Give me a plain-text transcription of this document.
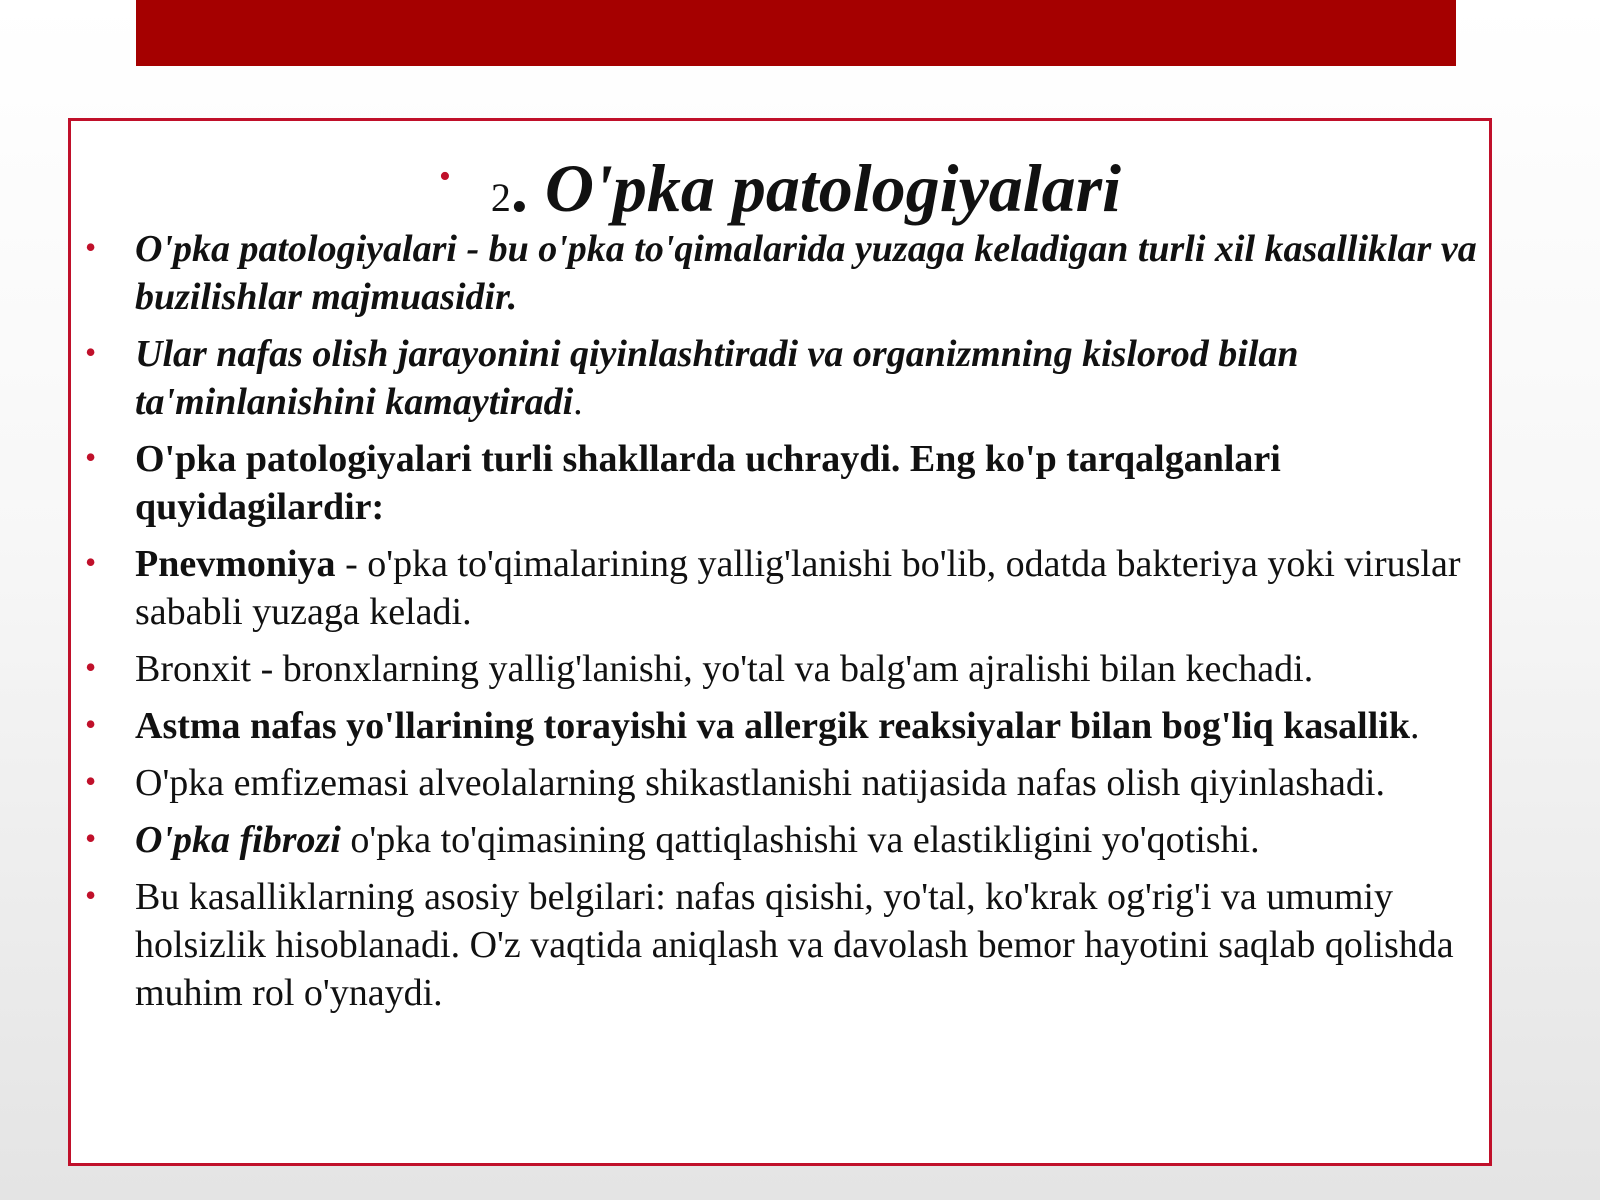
• 2. O'pka patologiyalari
• O'pka patologiyalari - bu o'pka to'qimalarida yuzaga keladigan turli xil kasalliklar va buzilishlar majmuasidir.
• Ular nafas olish jarayonini qiyinlashtiradi va organizmning kislorod bilan ta'minlanishini kamaytiradi.
• O'pka patologiyalari turli shakllarda uchraydi. Eng ko'p tarqalganlari quyidagilardir:
• Pnevmoniya - o'pka to'qimalarining yallig'lanishi bo'lib, odatda bakteriya yoki viruslar sababli yuzaga keladi.
• Bronxit - bronxlarning yallig'lanishi, yo'tal va balg'am ajralishi bilan kechadi.
• Astma nafas yo'llarining torayishi va allergik reaksiyalar bilan bog'liq kasallik.
• O'pka emfizemasi alveolalarning shikastlanishi natijasida nafas olish qiyinlashadi.
• O'pka fibrozi o'pka to'qimasining qattiqlashishi va elastikligini yo'qotishi.
• Bu kasalliklarning asosiy belgilari: nafas qisishi, yo'tal, ko'krak og'rig'i va umumiy holsizlik hisoblanadi. O'z vaqtida aniqlash va davolash bemor hayotini saqlab qolishda muhim rol o'ynaydi.
